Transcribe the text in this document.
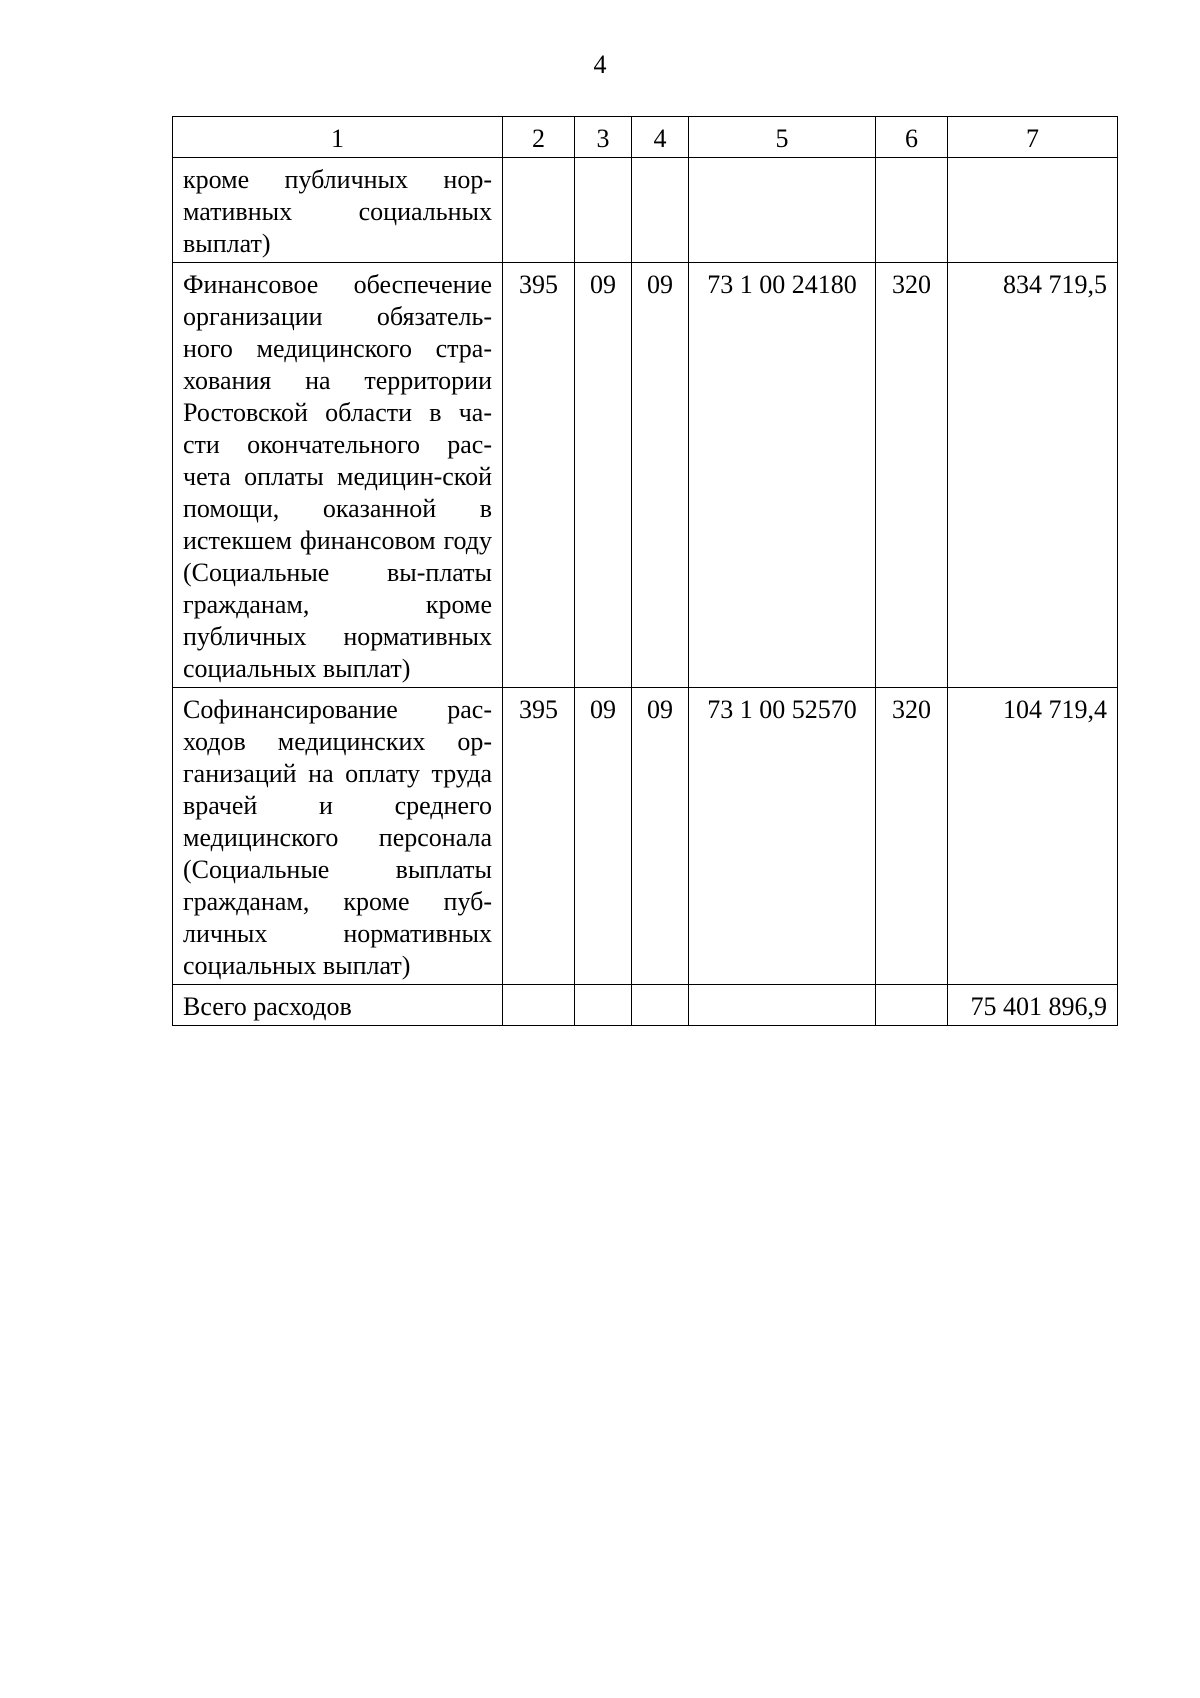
4
1	2	3	4	5	6	7
кроме публичных нор-мативных социальных выплат)						
Финансовое обеспечение организации обязатель-ного медицинского стра-хования на территории Ростовской области в ча-сти окончательного рас-чета оплаты медицин-ской помощи, оказанной в истекшем финансовом году (Социальные вы-платы гражданам, кроме публичных нормативных социальных выплат)	395	09	09	73 1 00 24180	320	834 719,5
Софинансирование рас-ходов медицинских ор-ганизаций на оплату труда врачей и среднего медицинского персонала (Социальные выплаты гражданам, кроме пуб-личных нормативных социальных выплат)	395	09	09	73 1 00 52570	320	104 719,4
Всего расходов						75 401 896,9
